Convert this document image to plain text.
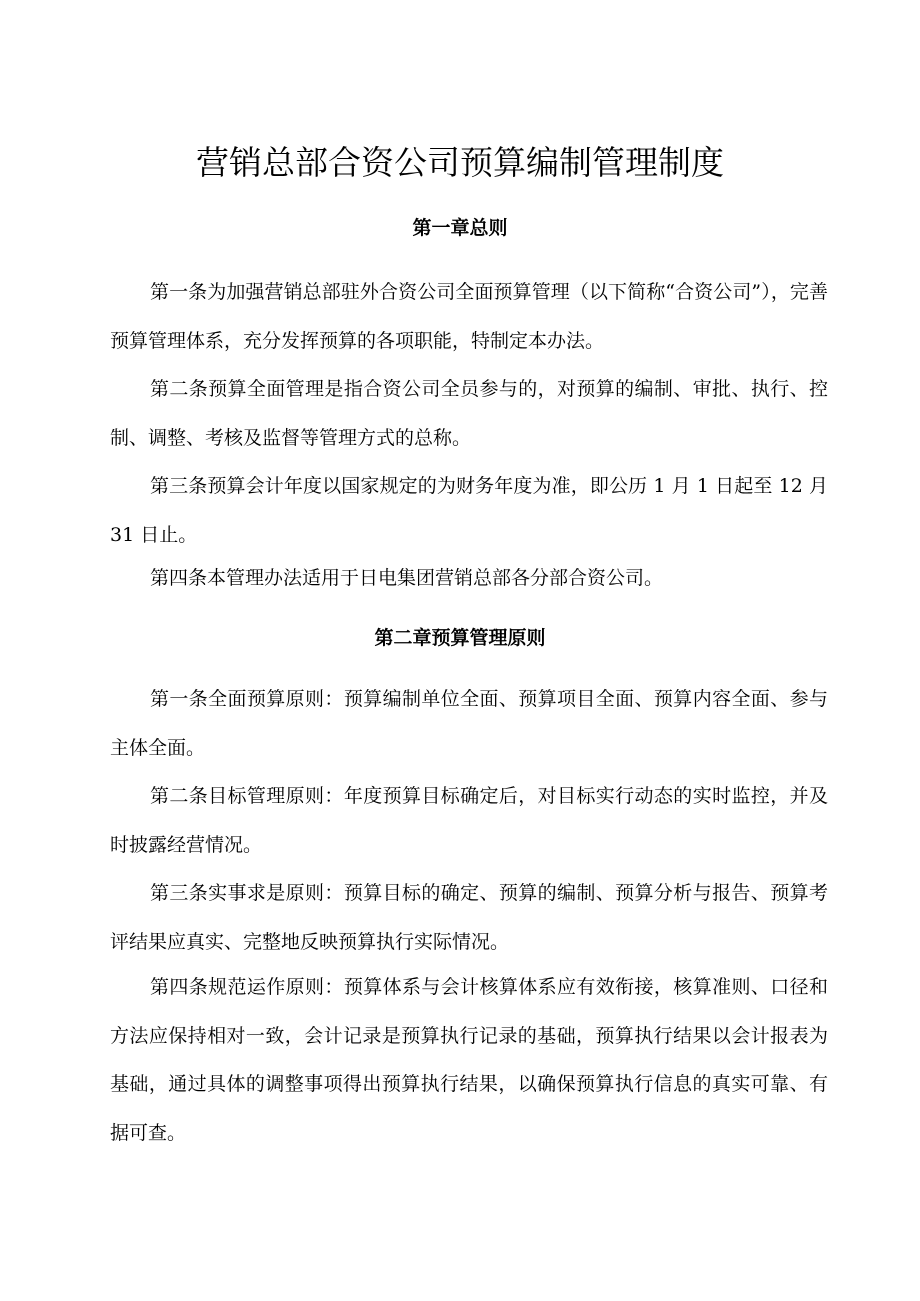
营销总部合资公司预算编制管理制度
第一章总则

第一条为加强营销总部驻外合资公司全面预算管理（以下简称“合资公司”），完善预算管理体系，充分发挥预算的各项职能，特制定本办法。

第二条预算全面管理是指合资公司全员参与的，对预算的编制、审批、执行、控制、调整、考核及监督等管理方式的总称。

第三条预算会计年度以国家规定的为财务年度为准，即公历 1 月 1 日起至 12 月 31 日止。

第四条本管理办法适用于日电集团营销总部各分部合资公司。

第二章预算管理原则

第一条全面预算原则：预算编制单位全面、预算项目全面、预算内容全面、参与主体全面。

第二条目标管理原则：年度预算目标确定后，对目标实行动态的实时监控，并及时披露经营情况。

第三条实事求是原则：预算目标的确定、预算的编制、预算分析与报告、预算考评结果应真实、完整地反映预算执行实际情况。

第四条规范运作原则：预算体系与会计核算体系应有效衔接，核算准则、口径和方法应保持相对一致，会计记录是预算执行记录的基础，预算执行结果以会计报表为基础，通过具体的调整事项得出预算执行结果，以确保预算执行信息的真实可靠、有据可查。
